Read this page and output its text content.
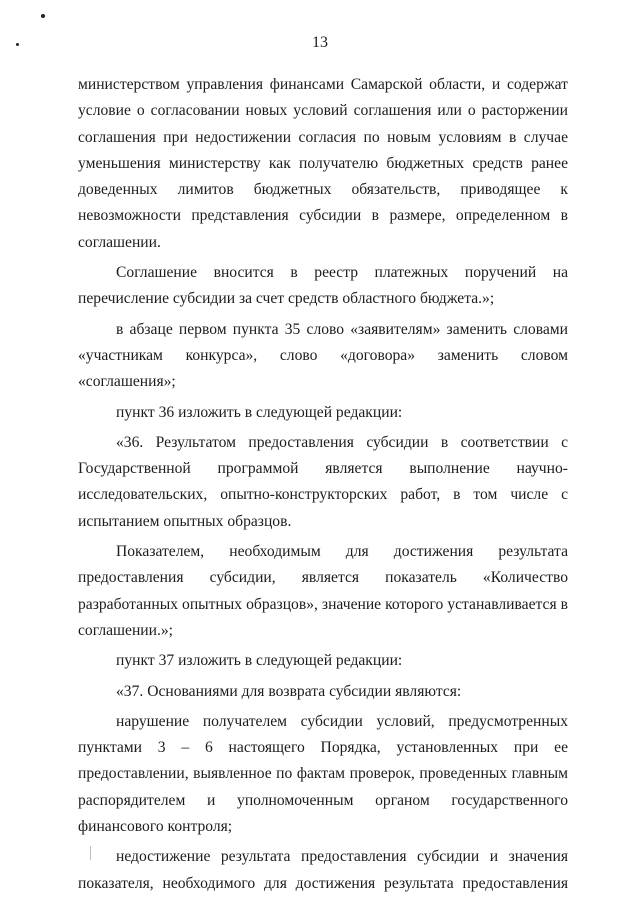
13

министерством управления финансами Самарской области, и содержат

условие о согласовании новых условий соглашения или о расторжении

соглашения при недостижении согласия по новым условиям в случае

уменьшения министерству как получателю бюджетных средств ранее

доведенных лимитов бюджетных обязательств, приводящее к

невозможности представления субсидии в размере, определенном в

соглашении.

Соглашение вносится в реестр платежных поручений на

перечисление субсидии за счет средств областного бюджета.»;

в абзаце первом пункта 35 слово «заявителям» заменить словами

«участникам конкурса», слово «договора» заменить словом «соглашения»;

пункт 36 изложить в следующей редакции:

«36. Результатом предоставления субсидии в соответствии с

Государственной программой является выполнение научно-

исследовательских, опытно-конструкторских работ, в том числе с

испытанием опытных образцов.

Показателем, необходимым для достижения результата

предоставления субсидии, является показатель «Количество

разработанных опытных образцов», значение которого устанавливается в

соглашении.»;

пункт 37 изложить в следующей редакции:

«37. Основаниями для возврата субсидии являются:

нарушение получателем субсидии условий, предусмотренных

пунктами 3 – 6 настоящего Порядка, установленных при ее

предоставлении, выявленное по фактам проверок, проведенных главным

распорядителем и уполномоченным органом государственного

финансового контроля;

недостижение результата предоставления субсидии и значения

показателя, необходимого для достижения результата предоставления
